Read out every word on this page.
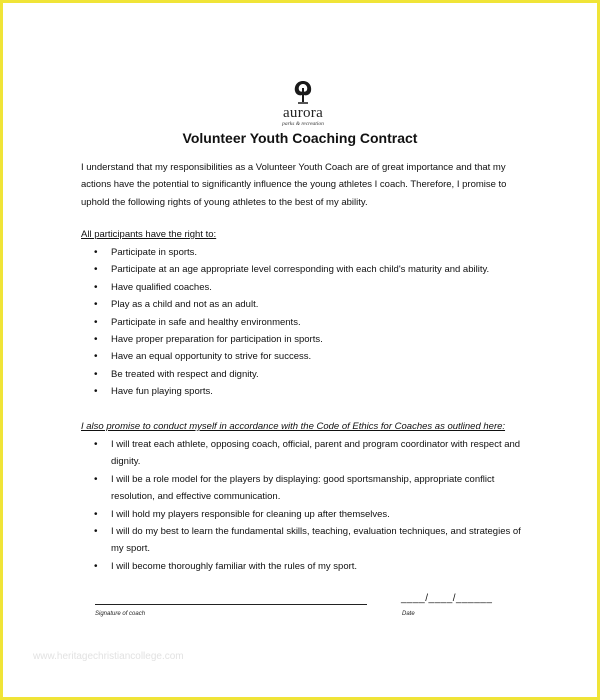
aurora
parks & recreation
Volunteer Youth Coaching Contract
I understand that my responsibilities as a Volunteer Youth Coach are of great importance and that my actions have the potential to significantly influence the young athletes I coach. Therefore, I promise to uphold the following rights of young athletes to the best of my ability.
All participants have the right to:
• Participate in sports.
• Participate at an age appropriate level corresponding with each child's maturity and ability.
• Have qualified coaches.
• Play as a child and not as an adult.
• Participate in safe and healthy environments.
• Have proper preparation for participation in sports.
• Have an equal opportunity to strive for success.
• Be treated with respect and dignity.
• Have fun playing sports.
I also promise to conduct myself in accordance with the Code of Ethics for Coaches as outlined here:
• I will treat each athlete, opposing coach, official, parent and program coordinator with respect and dignity.
• I will be a role model for the players by displaying: good sportsmanship, appropriate conflict resolution, and effective communication.
• I will hold my players responsible for cleaning up after themselves.
• I will do my best to learn the fundamental skills, teaching, evaluation techniques, and strategies of my sport.
• I will become thoroughly familiar with the rules of my sport.
____/____/______
Signature of coach	Date
www.heritagechristiancollege.com
